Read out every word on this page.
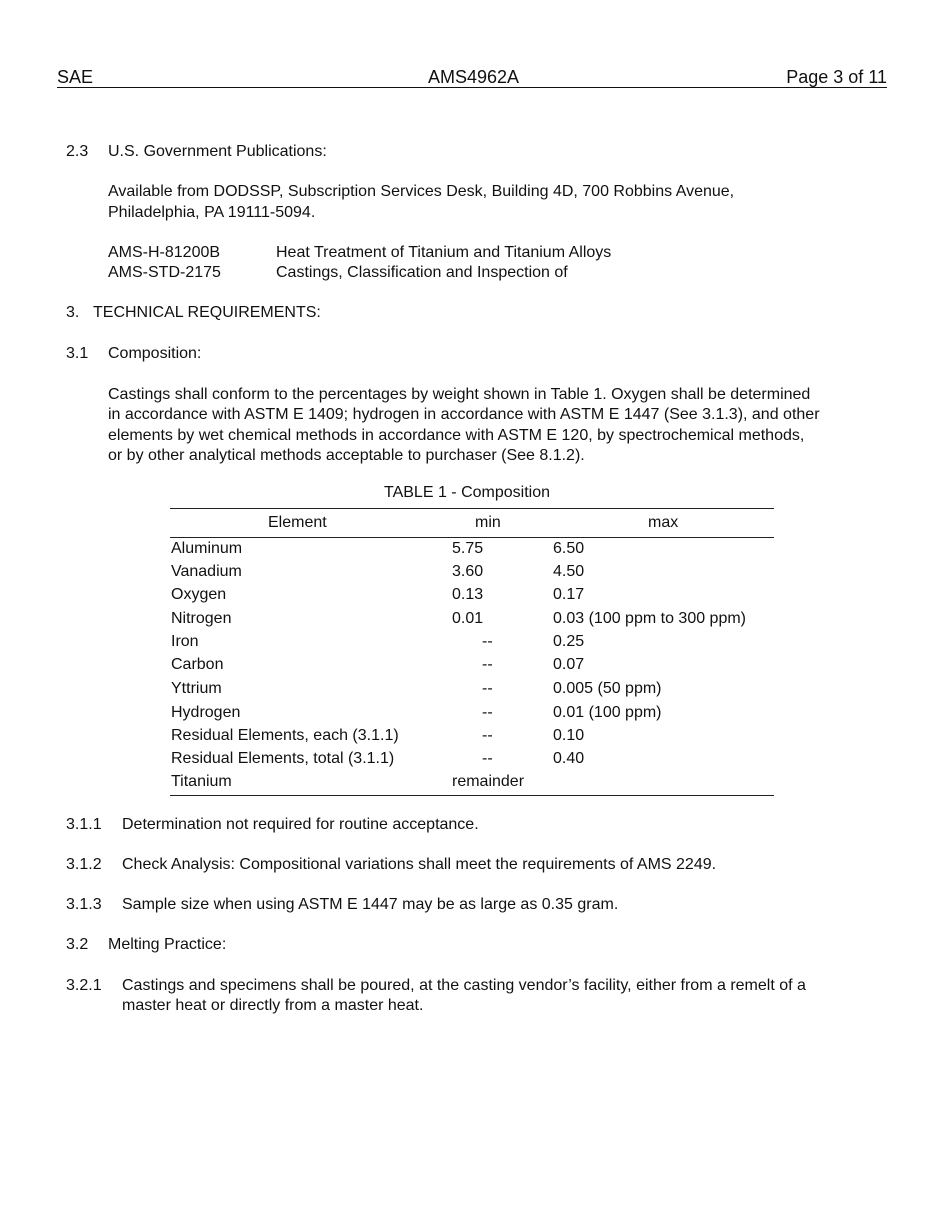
SAE	AMS4962A	Page 3 of 11
2.3 U.S. Government Publications:
Available from DODSSP, Subscription Services Desk, Building 4D, 700 Robbins Avenue,
Philadelphia, PA 19111-5094.
AMS-H-81200B	Heat Treatment of Titanium and Titanium Alloys
AMS-STD-2175	Castings, Classification and Inspection of
3. TECHNICAL REQUIREMENTS:
3.1 Composition:
Castings shall conform to the percentages by weight shown in Table 1. Oxygen shall be determined
in accordance with ASTM E 1409; hydrogen in accordance with ASTM E 1447 (See 3.1.3), and other
elements by wet chemical methods in accordance with ASTM E 120, by spectrochemical methods,
or by other analytical methods acceptable to purchaser (See 8.1.2).
TABLE 1 - Composition
Element	min	max
Aluminum	5.75	6.50
Vanadium	3.60	4.50
Oxygen	0.13	0.17
Nitrogen	0.01	0.03 (100 ppm to 300 ppm)
Iron	--	0.25
Carbon	--	0.07
Yttrium	--	0.005 (50 ppm)
Hydrogen	--	0.01 (100 ppm)
Residual Elements, each (3.1.1)	--	0.10
Residual Elements, total (3.1.1)	--	0.40
Titanium	remainder
3.1.1 Determination not required for routine acceptance.
3.1.2 Check Analysis: Compositional variations shall meet the requirements of AMS 2249.
3.1.3 Sample size when using ASTM E 1447 may be as large as 0.35 gram.
3.2 Melting Practice:
3.2.1 Castings and specimens shall be poured, at the casting vendor’s facility, either from a remelt of a
master heat or directly from a master heat.
